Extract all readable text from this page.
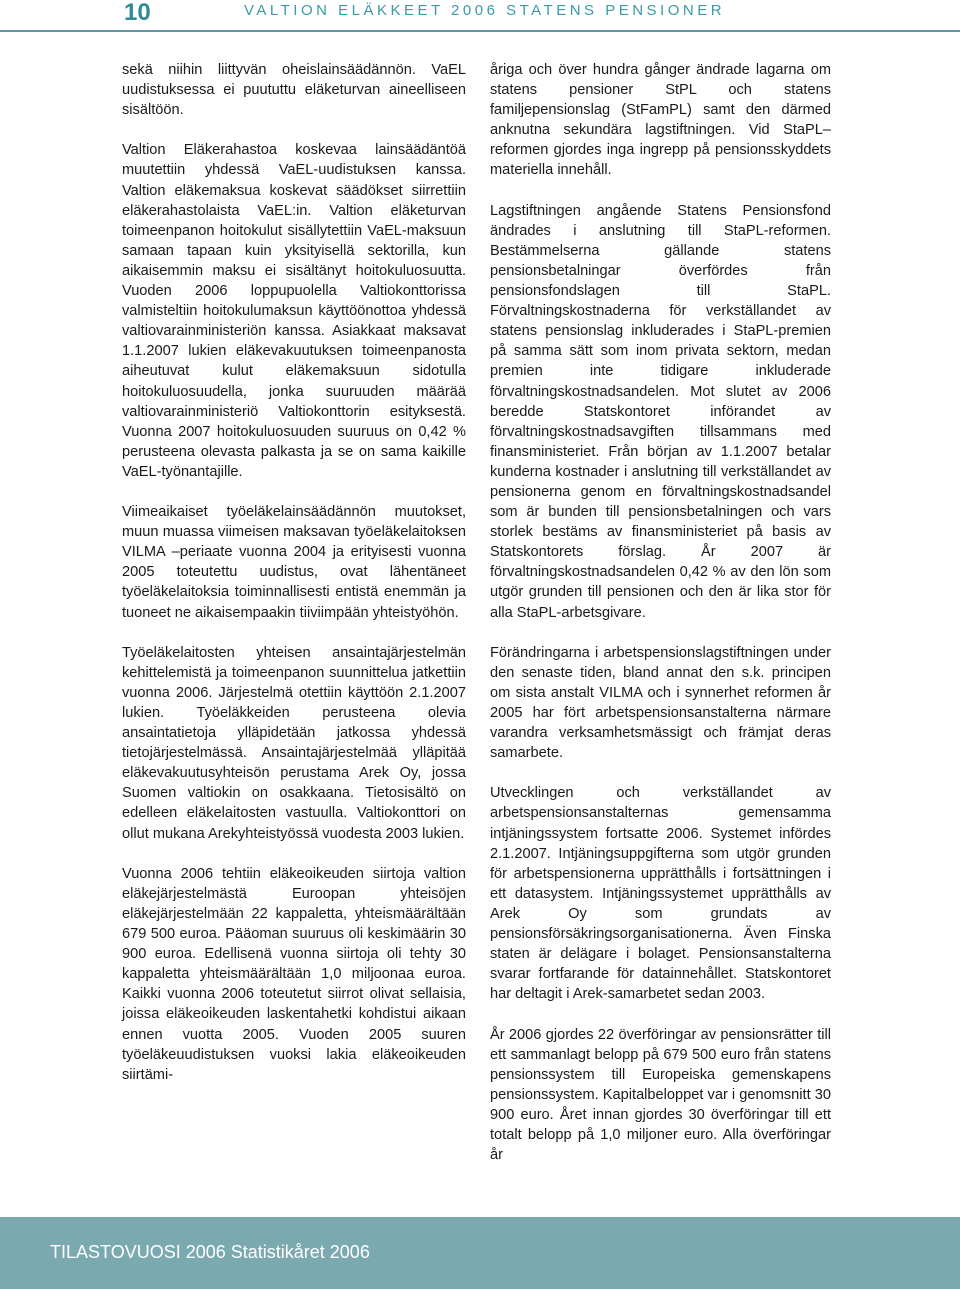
10	VALTION ELÄKKEET 2006 STATENS PENSIONER

sekä niihin liittyvän oheislainsäädännön. VaEL uudistuksessa ei puututtu eläketurvan aineelliseen sisältöön.

Valtion Eläkerahastoa koskevaa lainsäädäntöä muutettiin yhdessä VaEL-uudistuksen kanssa. Valtion eläkemaksua koskevat säädökset siirrettiin eläkerahastolaista VaEL:in. Valtion eläketurvan toimeenpanon hoitokulut sisällytettiin VaEL-maksuun samaan tapaan kuin yksityisellä sektorilla, kun aikaisemmin maksu ei sisältänyt hoitokuluosuutta. Vuoden 2006 loppupuolella Valtiokonttorissa valmisteltiin hoitokulumaksun käyttöönottoa yhdessä valtiovarainministeriön kanssa. Asiakkaat maksavat 1.1.2007 lukien eläkevakuutuksen toimeenpanosta aiheutuvat kulut eläkemaksuun sidotulla hoitokuluosuudella, jonka suuruuden määrää valtiovarainministeriö Valtiokonttorin esityksestä. Vuonna 2007 hoitokuluosuuden suuruus on 0,42 % perusteena olevasta palkasta ja se on sama kaikille VaEL-työnantajille.

Viimeaikaiset työeläkelainsäädännön muutokset, muun muassa viimeisen maksavan työeläkelaitoksen VILMA –periaate vuonna 2004 ja erityisesti vuonna 2005 toteutettu uudistus, ovat lähentäneet työeläkelaitoksia toiminnallisesti entistä enemmän ja tuoneet ne aikaisempaakin tiiviimpään yhteistyöhön.

Työeläkelaitosten yhteisen ansaintajärjestelmän kehittelemistä ja toimeenpanon suunnittelua jatkettiin vuonna 2006. Järjestelmä otettiin käyttöön 2.1.2007 lukien. Työeläkkeiden perusteena olevia ansaintatietoja ylläpidetään jatkossa yhdessä tietojärjestelmässä. Ansaintajärjestelmää ylläpitää eläkevakuutusyhteisön perustama Arek Oy, jossa Suomen valtiokin on osakkaana. Tietosisältö on edelleen eläkelaitosten vastuulla. Valtiokonttori on ollut mukana Arekyhteistyössä vuodesta 2003 lukien.

Vuonna 2006 tehtiin eläkeoikeuden siirtoja valtion eläkejärjestelmästä Euroopan yhteisöjen eläkejärjestelmään 22 kappaletta, yhteismäärältään 679 500 euroa. Pääoman suuruus oli keskimäärin 30 900 euroa. Edellisenä vuonna siirtoja oli tehty 30 kappaletta yhteismäärältään 1,0 miljoonaa euroa. Kaikki vuonna 2006 toteutetut siirrot olivat sellaisia, joissa eläkeoikeuden laskentahetki kohdistui aikaan ennen vuotta 2005. Vuoden 2005 suuren työeläkeuudistuksen vuoksi lakia eläkeoikeuden siirtämi-

åriga och över hundra gånger ändrade lagarna om statens pensioner StPL och statens familjepensionslag (StFamPL) samt den därmed anknutna sekundära lagstiftningen. Vid StaPL–reformen gjordes inga ingrepp på pensionsskyddets materiella innehåll.

Lagstiftningen angående Statens Pensionsfond ändrades i anslutning till StaPL-reformen. Bestämmelserna gällande statens pensionsbetalningar överfördes från pensionsfondslagen till StaPL. Förvaltningskostnaderna för verkställandet av statens pensionslag inkluderades i StaPL-premien på samma sätt som inom privata sektorn, medan premien inte tidigare inkluderade förvaltningskostnadsandelen. Mot slutet av 2006 beredde Statskontoret införandet av förvaltningskostnadsavgiften tillsammans med finansministeriet. Från början av 1.1.2007 betalar kunderna kostnader i anslutning till verkställandet av pensionerna genom en förvaltningskostnadsandel som är bunden till pensionsbetalningen och vars storlek bestäms av finansministeriet på basis av Statskontorets förslag. År 2007 är förvaltningskostnadsandelen 0,42 % av den lön som utgör grunden till pensionen och den är lika stor för alla StaPL-arbetsgivare.

Förändringarna i arbetspensionslagstiftningen under den senaste tiden, bland annat den s.k. principen om sista anstalt VILMA och i synnerhet reformen år 2005 har fört arbetspensionsanstalterna närmare varandra verksamhetsmässigt och främjat deras samarbete.

Utvecklingen och verkställandet av arbetspensionsanstalternas gemensamma intjäningssystem fortsatte 2006. Systemet infördes 2.1.2007. Intjäningsuppgifterna som utgör grunden för arbetspensionerna upprätthålls i fortsättningen i ett datasystem. Intjäningssystemet upprätthålls av Arek Oy som grundats av pensionsförsäkringsorganisationerna. Även Finska staten är delägare i bolaget. Pensionsanstalterna svarar fortfarande för datainnehållet. Statskontoret har deltagit i Arek-samarbetet sedan 2003.

År 2006 gjordes 22 överföringar av pensionsrätter till ett sammanlagt belopp på 679 500 euro från statens pensionssystem till Europeiska gemenskapens pensionssystem. Kapitalbeloppet var i genomsnitt 30 900 euro. Året innan gjordes 30 överföringar till ett totalt belopp på 1,0 miljoner euro. Alla överföringar år

TILASTOVUOSI 2006 Statistikåret 2006
